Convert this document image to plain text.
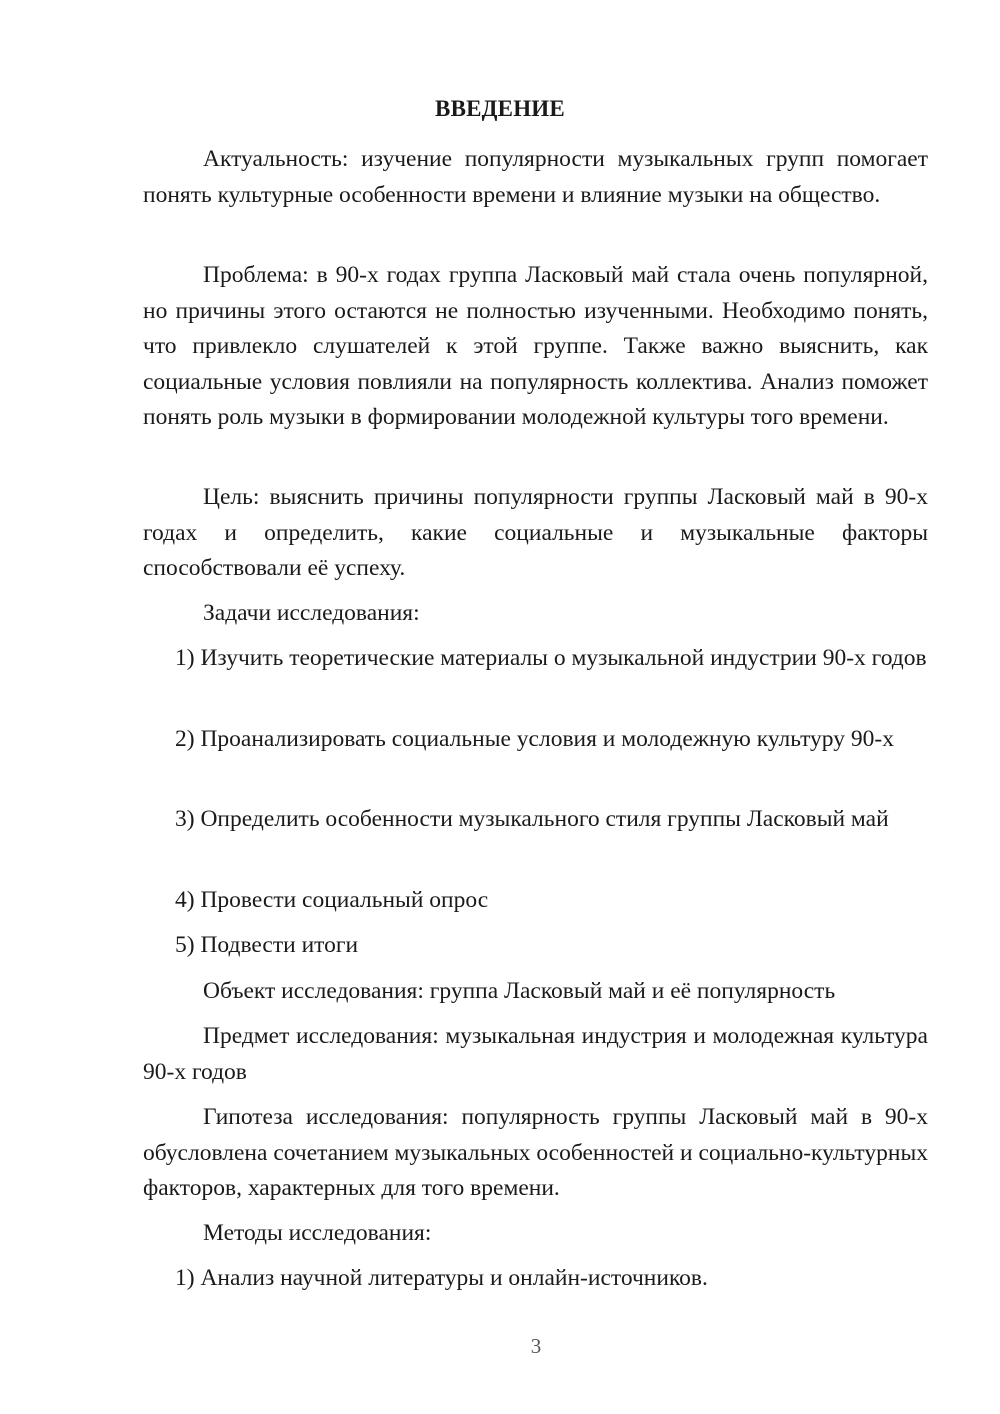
ВВЕДЕНИЕ

Актуальность: изучение популярности музыкальных групп помогает понять культурные особенности времени и влияние музыки на общество.

Проблема: в 90-х годах группа Ласковый май стала очень популярной, но причины этого остаются не полностью изученными. Необходимо понять, что привлекло слушателей к этой группе. Также важно выяснить, как социальные условия повлияли на популярность коллектива. Анализ поможет понять роль музыки в формировании молодежной культуры того времени.

Цель: выяснить причины популярности группы Ласковый май в 90-х годах и определить, какие социальные и музыкальные факторы способствовали её успеху.

Задачи исследования:

1) Изучить теоретические материалы о музыкальной индустрии 90-х годов

2) Проанализировать социальные условия и молодежную культуру 90-х

3) Определить особенности музыкального стиля группы Ласковый май

4) Провести социальный опрос

5) Подвести итоги

Объект исследования: группа Ласковый май и её популярность

Предмет исследования: музыкальная индустрия и молодежная культура 90-х годов

Гипотеза исследования: популярность группы Ласковый май в 90-х обусловлена сочетанием музыкальных особенностей и социально-культурных факторов, характерных для того времени.

Методы исследования:

1) Анализ научной литературы и онлайн-источников.

3
